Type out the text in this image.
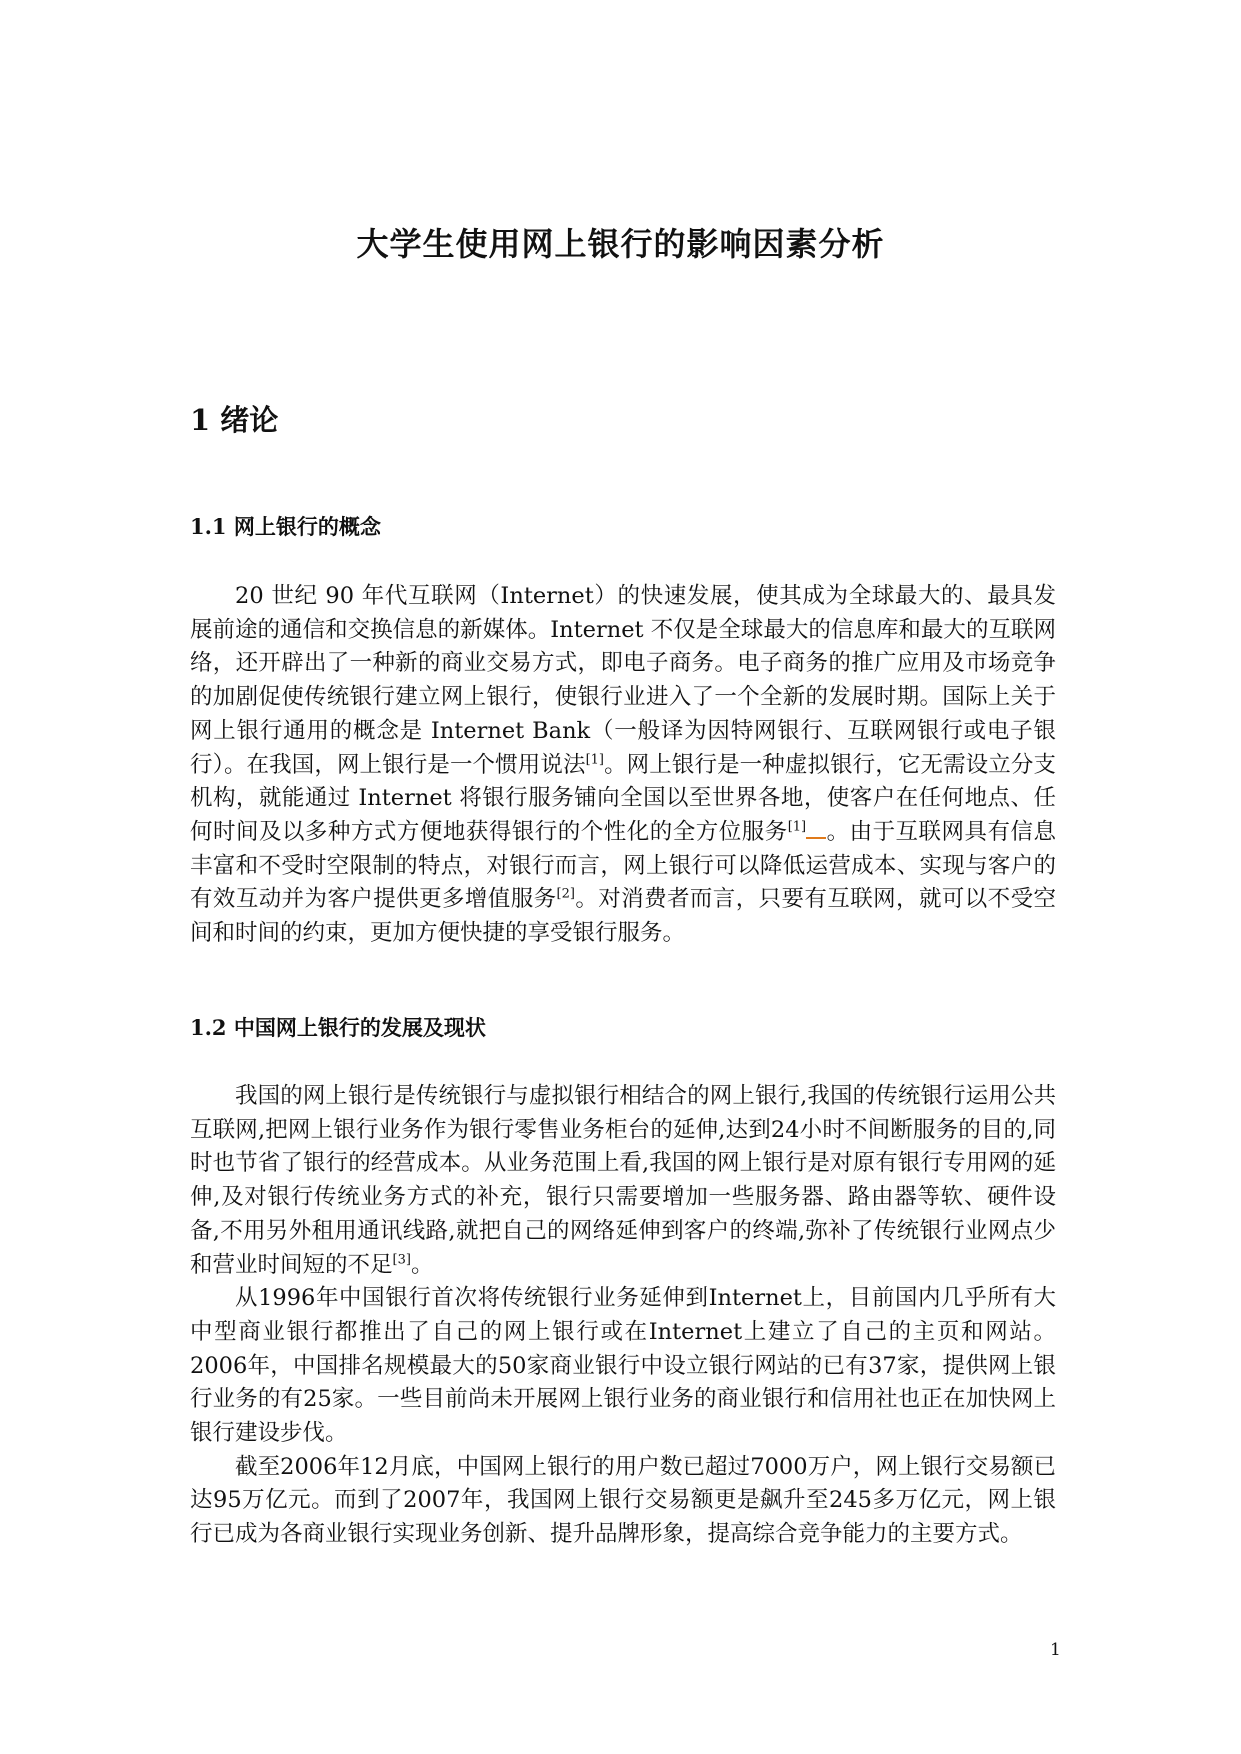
大学生使用网上银行的影响因素分析
1 绪论
1.1 网上银行的概念

20 世纪 90 年代互联网（Internet）的快速发展，使其成为全球最大的、最具发展前途的通信和交换信息的新媒体。Internet 不仅是全球最大的信息库和最大的互联网络，还开辟出了一种新的商业交易方式，即电子商务。电子商务的推广应用及市场竞争的加剧促使传统银行建立网上银行，使银行业进入了一个全新的发展时期。国际上关于网上银行通用的概念是 Internet Bank（一般译为因特网银行、互联网银行或电子银行）。在我国，网上银行是一个惯用说法[1]。网上银行是一种虚拟银行，它无需设立分支机构，就能通过 Internet 将银行服务铺向全国以至世界各地，使客户在任何地点、任何时间及以多种方式方便地获得银行的个性化的全方位服务[1] 。由于互联网具有信息丰富和不受时空限制的特点，对银行而言，网上银行可以降低运营成本、实现与客户的有效互动并为客户提供更多增值服务[2]。对消费者而言，只要有互联网，就可以不受空间和时间的约束，更加方便快捷的享受银行服务。

1.2 中国网上银行的发展及现状

我国的网上银行是传统银行与虚拟银行相结合的网上银行,我国的传统银行运用公共互联网,把网上银行业务作为银行零售业务柜台的延伸,达到24小时不间断服务的目的,同时也节省了银行的经营成本。从业务范围上看,我国的网上银行是对原有银行专用网的延伸,及对银行传统业务方式的补充，银行只需要增加一些服务器、路由器等软、硬件设备,不用另外租用通讯线路,就把自己的网络延伸到客户的终端,弥补了传统银行业网点少和营业时间短的不足[3]。

从1996年中国银行首次将传统银行业务延伸到Internet上，目前国内几乎所有大中型商业银行都推出了自己的网上银行或在Internet上建立了自己的主页和网站。2006年，中国排名规模最大的50家商业银行中设立银行网站的已有37家，提供网上银行业务的有25家。一些目前尚未开展网上银行业务的商业银行和信用社也正在加快网上银行建设步伐。

截至2006年12月底，中国网上银行的用户数已超过7000万户，网上银行交易额已达95万亿元。而到了2007年，我国网上银行交易额更是飙升至245多万亿元，网上银行已成为各商业银行实现业务创新、提升品牌形象，提高综合竞争能力的主要方式。

1
